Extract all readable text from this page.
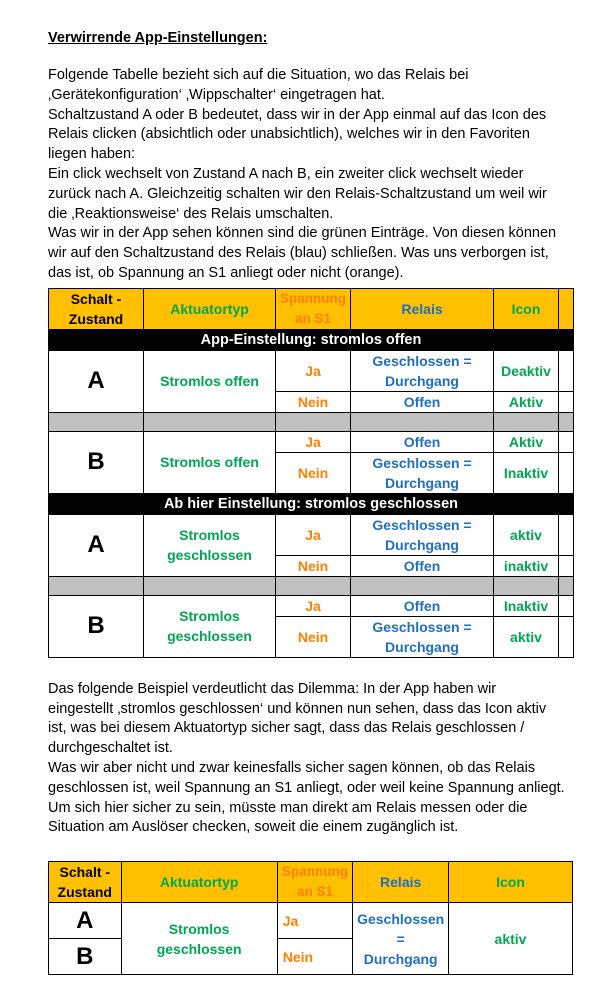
Verwirrende App-Einstellungen:

Folgende Tabelle bezieht sich auf die Situation, wo das Relais bei
‚Gerätekonfiguration‘ ‚Wippschalter‘ eingetragen hat.
Schaltzustand A oder B bedeutet, dass wir in der App einmal auf das Icon des
Relais clicken (absichtlich oder unabsichtlich), welches wir in den Favoriten
liegen haben:
Ein click wechselt von Zustand A nach B, ein zweiter click wechselt wieder
zurück nach A. Gleichzeitig schalten wir den Relais-Schaltzustand um weil wir
die ‚Reaktionsweise‘ des Relais umschalten.
Was wir in der App sehen können sind die grünen Einträge. Von diesen können
wir auf den Schaltzustand des Relais (blau) schließen. Was uns verborgen ist,
das ist, ob Spannung an S1 anliegt oder nicht (orange).

Schalt -
Zustand	Aktuatortyp	Spannung
an S1	Relais	Icon	
App-Einstellung: stromlos offen					
A	Stromlos offen	Ja	Geschlossen =
Durchgang	Deaktiv	
		Nein	Offen	Aktiv	

B	Stromlos offen	Ja	Offen	Aktiv	
		Nein	Geschlossen =
Durchgang	Inaktiv	
Ab hier Einstellung: stromlos geschlossen					
A	Stromlos
geschlossen	Ja	Geschlossen =
Durchgang	aktiv	
		Nein	Offen	inaktiv	

B	Stromlos
geschlossen	Ja	Offen	Inaktiv	
		Nein	Geschlossen =
Durchgang	aktiv	

Das folgende Beispiel verdeutlicht das Dilemma: In der App haben wir
eingestellt ‚stromlos geschlossen‘ und können nun sehen, dass das Icon aktiv
ist, was bei diesem Aktuatortyp sicher sagt, dass das Relais geschlossen /
durchgeschaltet ist.
Was wir aber nicht und zwar keinesfalls sicher sagen können, ob das Relais
geschlossen ist, weil Spannung an S1 anliegt, oder weil keine Spannung anliegt.
Um sich hier sicher zu sein, müsste man direkt am Relais messen oder die
Situation am Auslöser checken, soweit die einem zugänglich ist.

Schalt -
Zustand	Aktuatortyp	Spannung
an S1	Relais	Icon
A	Stromlos
geschlossen	Ja	Geschlossen
=
Durchgang	aktiv
B		Nein		
